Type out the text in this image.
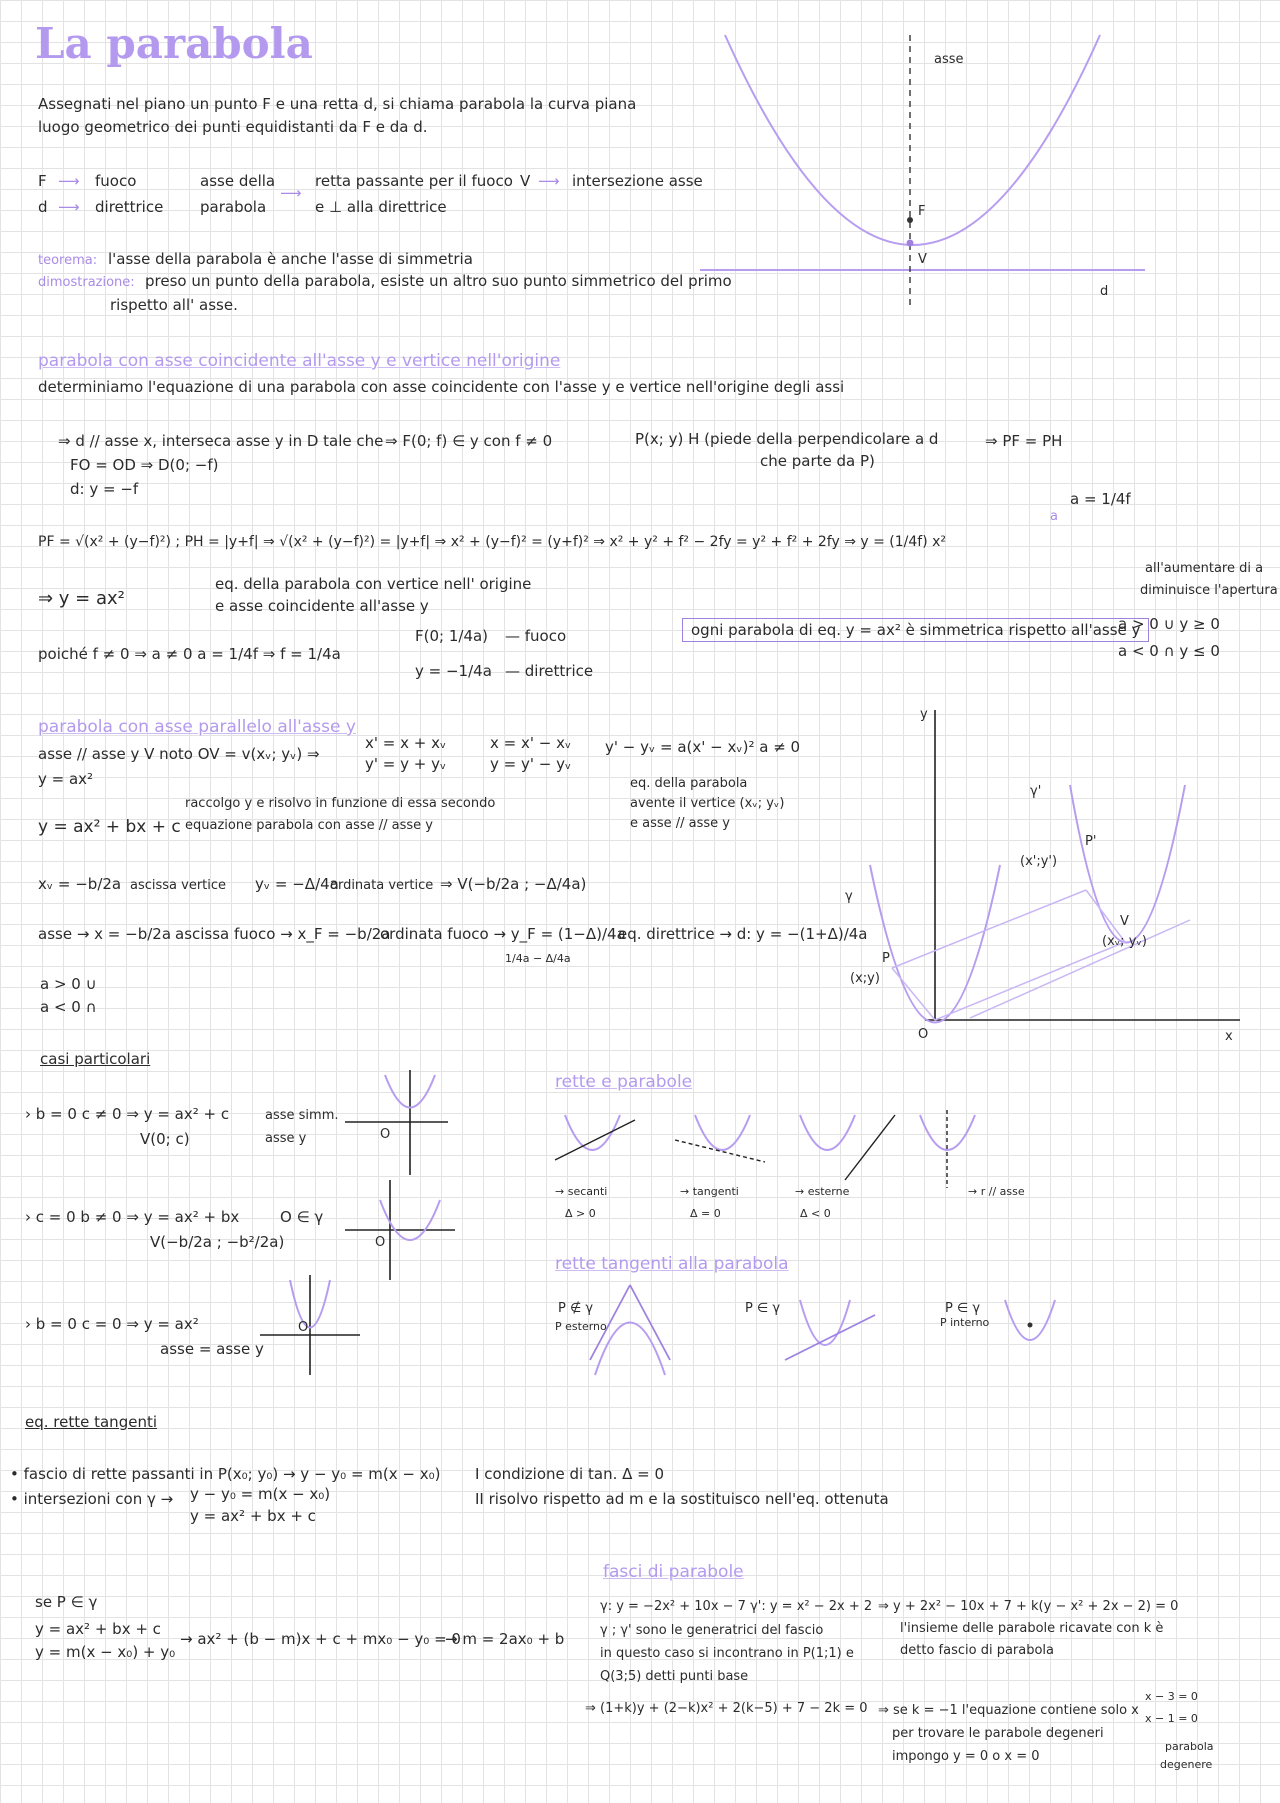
La parabola
Assegnati nel piano un punto F e una retta d, si chiama parabola la curva piana
luogo geometrico dei punti equidistanti da F e da d.
F ⟶ fuoco
d ⟶ direttrice
asse della
parabola
⟶
retta passante per il fuoco
e ⊥ alla direttrice
V ⟶ intersezione asse
teorema: l'asse della parabola è anche l'asse di simmetria
dimostrazione: preso un punto della parabola, esiste un altro suo punto simmetrico del primo
rispetto all' asse.
asse
F
V
d
parabola con asse coincidente all'asse y e vertice nell'origine
determiniamo l'equazione di una parabola con asse coincidente con l'asse y e vertice nell'origine degli assi
⇒ d // asse x, interseca asse y in D tale che ⇒ F(0; f) ∈ y con f ≠ 0	P(x; y) H (piede della perpendicolare a d
che parte da P)
⇒ PF = PH
FO = OD ⇒ D(0; −f)
d: y = −f
a = 1/4f
a
PF = √(x² + (y−f)²) ; PH = |y+f| ⇒ √(x² + (y−f)²) = |y+f| ⇒ x² + (y−f)² = (y+f)² ⇒ x² + y² + f² − 2fy = y² + f² + 2fy ⇒ y = (1/4f) x²
⇒ y = ax²
eq. della parabola con vertice nell' origine
e asse coincidente all'asse y
poiché f ≠ 0 ⇒ a ≠ 0 a = 1/4f ⇒ f = 1/4a
F(0; 1/4a) — fuoco
y = −1/4a — direttrice
ogni parabola di eq. y = ax² è simmetrica rispetto all'asse y
all'aumentare di a
diminuisce l'apertura
a > 0 ∪ y ≥ 0
a < 0 ∩ y ≤ 0
parabola con asse parallelo all'asse y
asse // asse y V noto OV = v(xᵥ; yᵥ) ⇒
x' = x + xᵥ
y' = y + yᵥ
x = x' − xᵥ
y = y' − yᵥ
y' − yᵥ = a(x' − xᵥ)² a ≠ 0
eq. della parabola
avente il vertice (xᵥ; yᵥ)
e asse // asse y
y = ax²
raccolgo y e risolvo in funzione di essa secondo
equazione parabola con asse // asse y
y = ax² + bx + c
xᵥ = −b/2a ascissa vertice yᵥ = −Δ/4a
ordinata vertice ⇒ V(−b/2a ; −Δ/4a)
asse → x = −b/2a ascissa fuoco → x_F = −b/2a
ordinata fuoco → y_F = (1−Δ)/4a
1/4a − Δ/4a
eq. direttrice → d: y = −(1+Δ)/4a
a > 0 ∪
a < 0 ∩
y
x
O
γ
γ'
P
(x;y)
P'
(x';y')
V
(xᵥ; yᵥ)
casi particolari
› b = 0 c ≠ 0 ⇒ y = ax² + c
V(0; c)
asse simm.
asse y	O
› c = 0 b ≠ 0 ⇒ y = ax² + bx
V(−b/2a ; −b²/2a)
O ∈ γ
O
› b = 0 c = 0 ⇒ y = ax²
asse = asse y
O
rette e parabole
→ secanti
Δ > 0
→ tangenti
Δ = 0
→ esterne
Δ < 0
→ r // asse
rette tangenti alla parabola
P ∉ γ
P esterno
P ∈ γ	P ∈ γ
P interno
eq. rette tangenti
• fascio di rette passanti in P(x₀; y₀) → y − y₀ = m(x − x₀)
• intersezioni con γ → y − y₀ = m(x − x₀)
y = ax² + bx + c
I condizione di tan. Δ = 0
II risolvo rispetto ad m e la sostituisco nell'eq. ottenuta
se P ∈ γ
y = ax² + bx + c
y = m(x − x₀) + y₀
→ ax² + (b − m)x + c + mx₀ − y₀ = 0
→ m = 2ax₀ + b
fasci di parabole
γ: y = −2x² + 10x − 7 γ': y = x² − 2x + 2
γ ; γ' sono le generatrici del fascio
in questo caso si incontrano in P(1;1) e
Q(3;5) detti punti base
⇒ (1+k)y + (2−k)x² + 2(k−5) + 7 − 2k = 0
⇒ y + 2x² − 10x + 7 + k(y − x² + 2x − 2) = 0
l'insieme delle parabole ricavate con k è
detto fascio di parabola
⇒ se k = −1 l'equazione contiene solo x
per trovare le parabole degeneri
impongo y = 0 o x = 0
x − 3 = 0
x − 1 = 0
parabola
degenere
